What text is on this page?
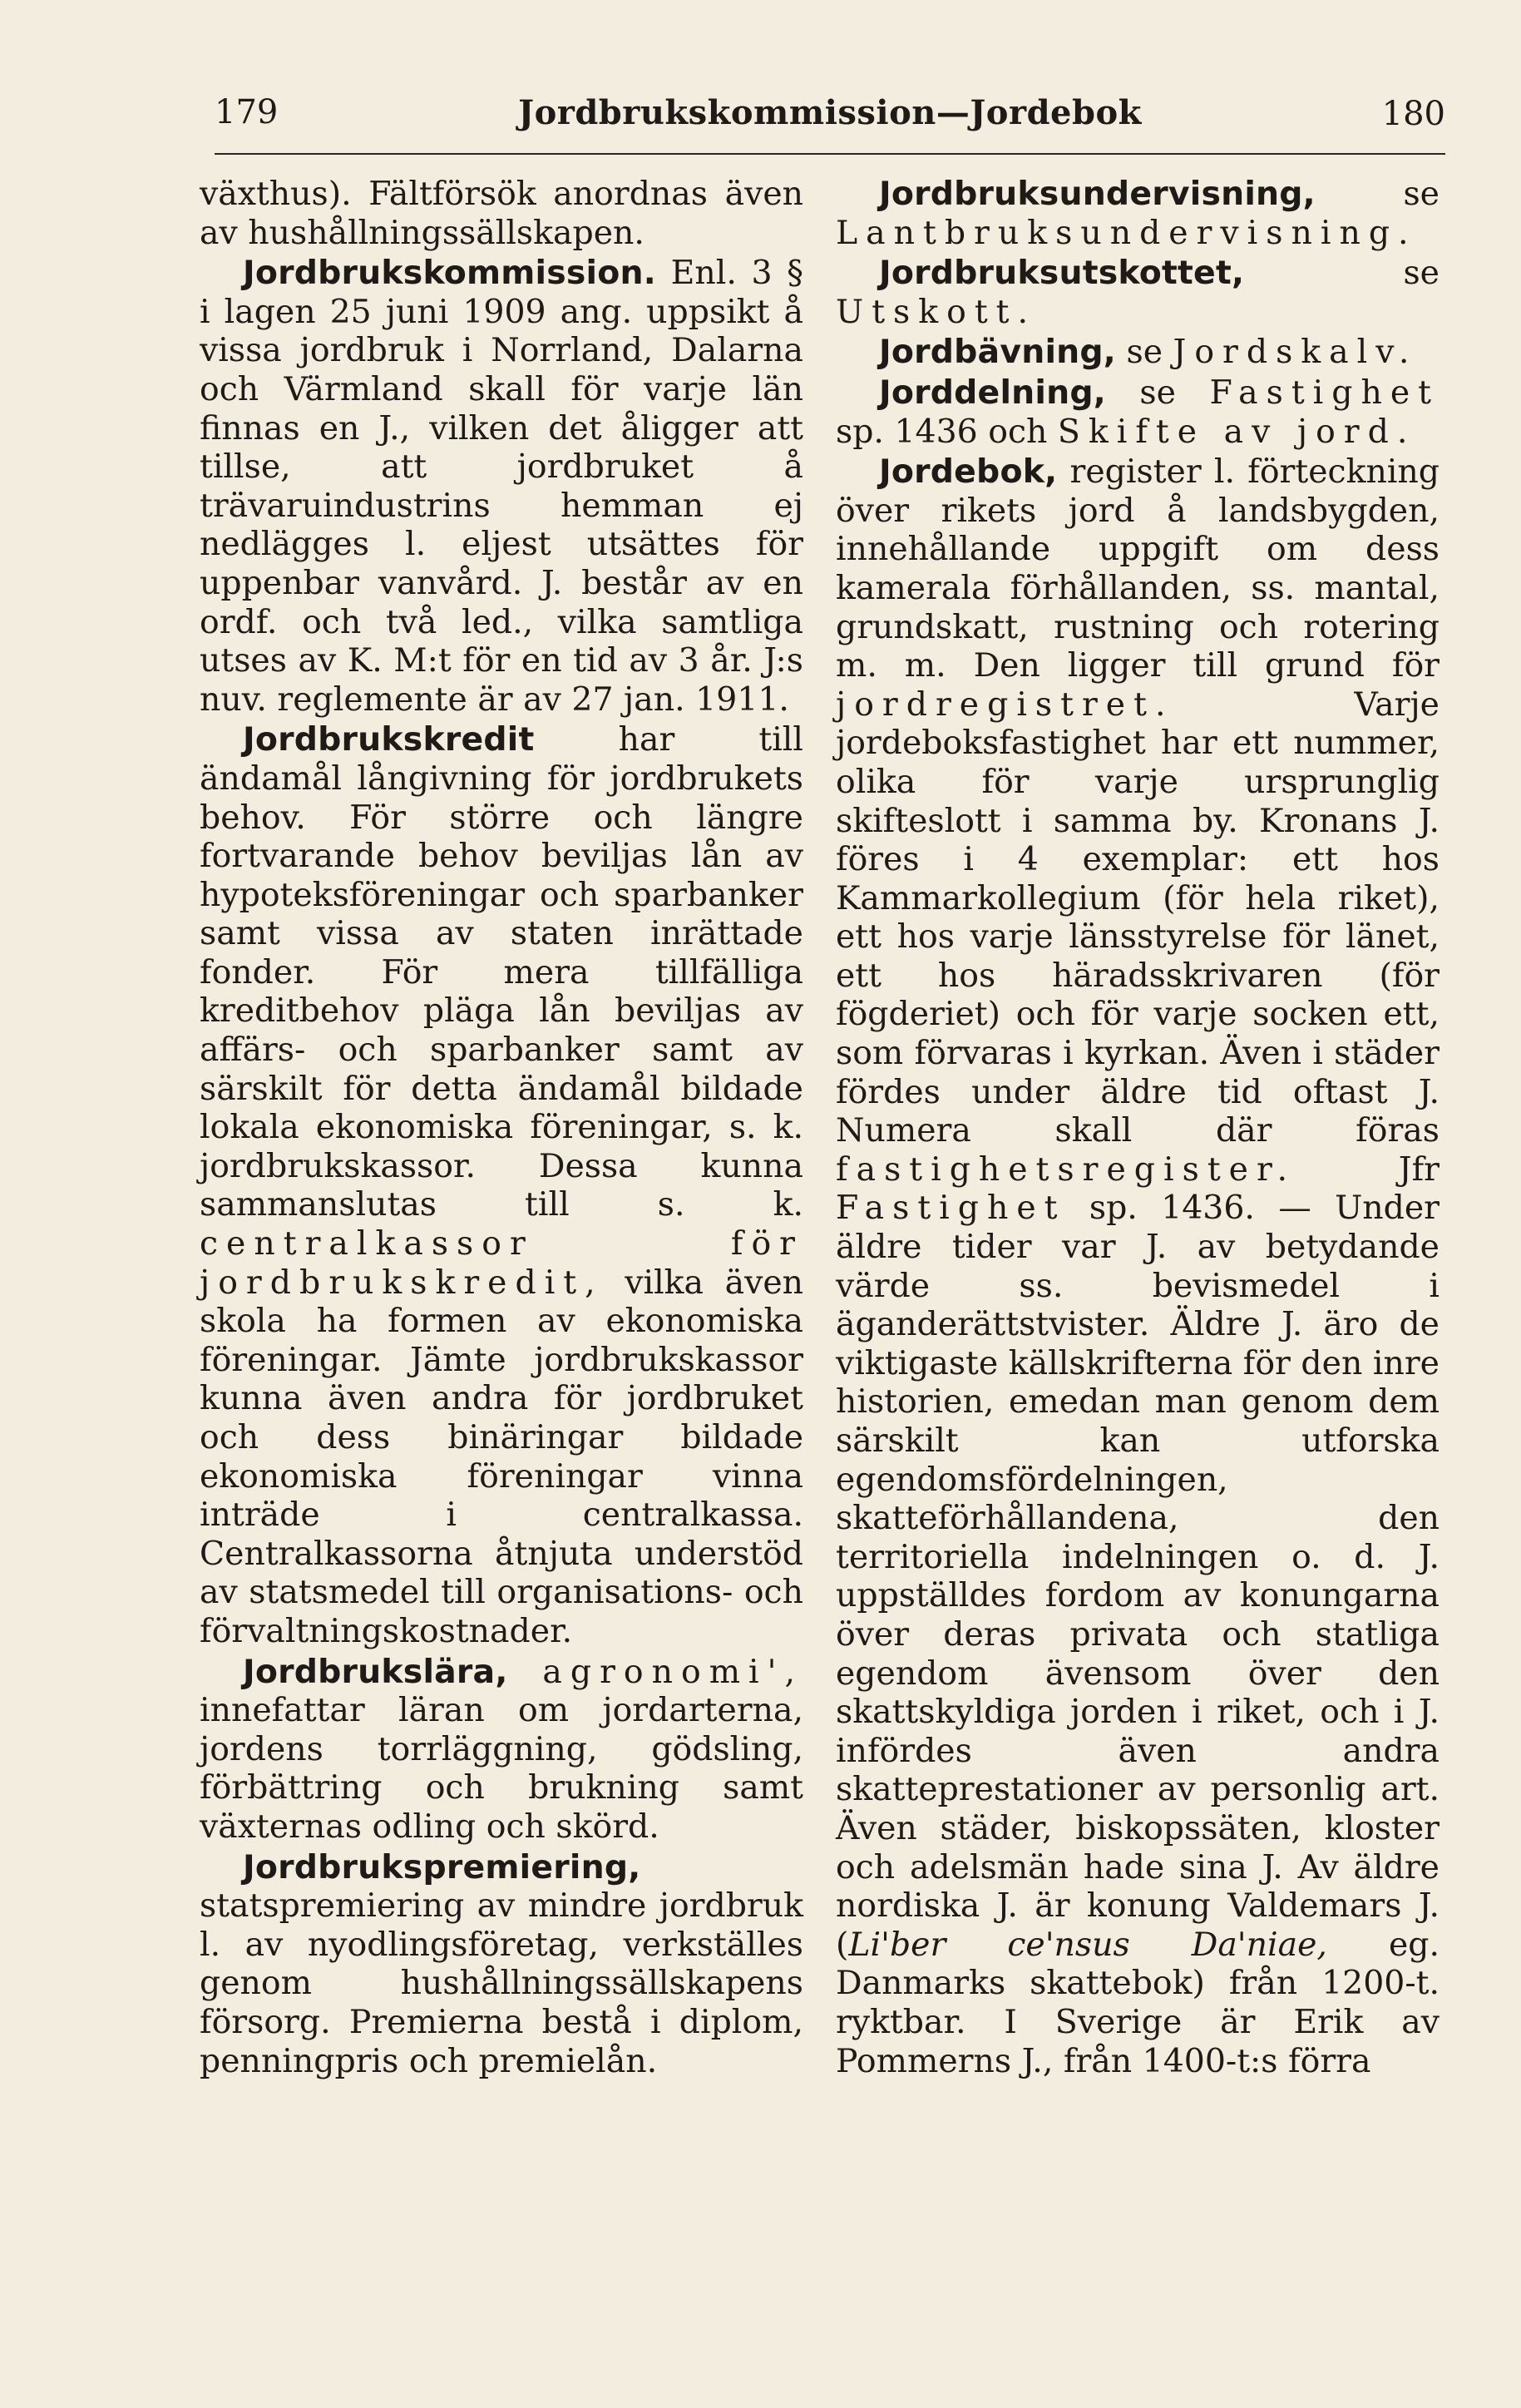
179	Jordbrukskommission—Jordebok	180

växthus). Fältförsök anordnas även av hushållningssällskapen.

Jordbrukskommission. Enl. 3 § i lagen 25 juni 1909 ang. uppsikt å vissa jordbruk i Norrland, Dalarna och Värmland skall för varje län finnas en J., vilken det åligger att tillse, att jordbruket å trävaruindustrins hemman ej nedlägges l. eljest utsättes för uppenbar vanvård. J. består av en ordf. och två led., vilka samtliga utses av K. M:t för en tid av 3 år. J:s nuv. reglemente är av 27 jan. 1911.

Jordbrukskredit har till ändamål långivning för jordbrukets behov. För större och längre fortvarande behov beviljas lån av hypoteksföreningar och sparbanker samt vissa av staten inrättade fonder. För mera tillfälliga kreditbehov pläga lån beviljas av affärs- och sparbanker samt av särskilt för detta ändamål bildade lokala ekonomiska föreningar, s. k. jordbrukskassor. Dessa kunna sammanslutas till s. k. centralkassor för jordbrukskredit, vilka även skola ha formen av ekonomiska föreningar. Jämte jordbrukskassor kunna även andra för jordbruket och dess binäringar bildade ekonomiska föreningar vinna inträde i centralkassa. Centralkassorna åtnjuta understöd av statsmedel till organisations- och förvaltningskostnader.

Jordbrukslära, agronomi', innefattar läran om jordarterna, jordens torrläggning, gödsling, förbättring och brukning samt växternas odling och skörd.

Jordbrukspremiering, statspremiering av mindre jordbruk l. av nyodlingsföretag, verkställes genom hushållningssällskapens försorg. Premierna bestå i diplom, penningpris och premielån.

Jordbruksundervisning, se Lantbruksundervisning.

Jordbruksutskottet, se Utskott.

Jordbävning, se Jordskalv.

Jorddelning, se Fastighet sp. 1436 och Skifte av jord.

Jordebok, register l. förteckning över rikets jord å landsbygden, innehållande uppgift om dess kamerala förhållanden, ss. mantal, grundskatt, rustning och rotering m. m. Den ligger till grund för jordregistret. Varje jordeboksfastighet har ett nummer, olika för varje ursprunglig skifteslott i samma by. Kronans J. föres i 4 exemplar: ett hos Kammarkollegium (för hela riket), ett hos varje länsstyrelse för länet, ett hos häradsskrivaren (för fögderiet) och för varje socken ett, som förvaras i kyrkan. Även i städer fördes under äldre tid oftast J. Numera skall där föras fastighetsregister. Jfr Fastighet sp. 1436. — Under äldre tider var J. av betydande värde ss. bevismedel i äganderättstvister. Äldre J. äro de viktigaste källskrifterna för den inre historien, emedan man genom dem särskilt kan utforska egendomsfördelningen, skatteförhållandena, den territoriella indelningen o. d. J. uppställdes fordom av konungarna över deras privata och statliga egendom ävensom över den skattskyldiga jorden i riket, och i J. infördes även andra skatteprestationer av personlig art. Även städer, biskopssäten, kloster och adelsmän hade sina J. Av äldre nordiska J. är konung Valdemars J. (Li'ber ce'nsus Da'niae, eg. Danmarks skattebok) från 1200-t. ryktbar. I Sverige är Erik av Pommerns J., från 1400-t:s förra
